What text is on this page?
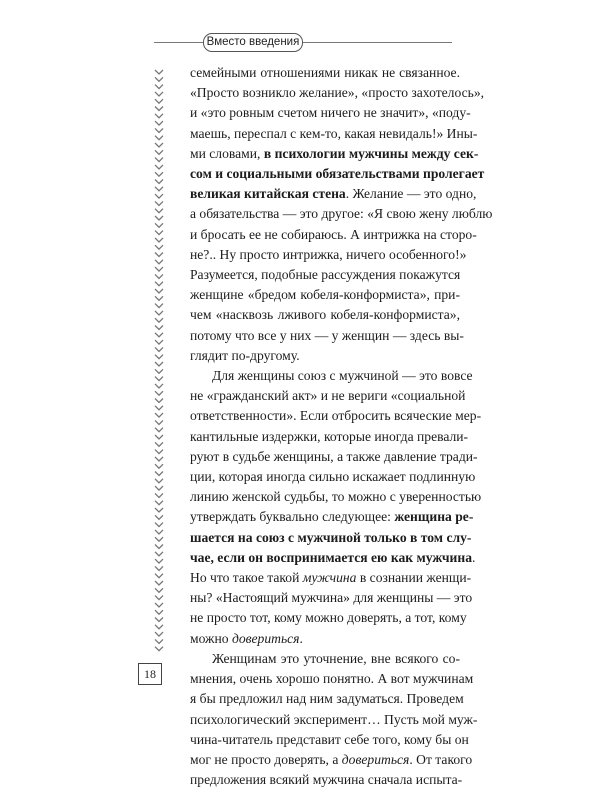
Вместо введения
18
семейными отношениями никак не связанное.
«Просто возникло желание», «просто захотелось»,
и «это ровным счетом ничего не значит», «поду-
маешь, переспал с кем-то, какая невидаль!» Ины-
ми словами, в психологии мужчины между сек-
сом и социальными обязательствами пролегает
великая китайская стена. Желание — это одно,
а обязательства — это другое: «Я свою жену люблю
и бросать ее не собираюсь. А интрижка на сторо-
не?.. Ну просто интрижка, ничего особенного!»
Разумеется, подобные рассуждения покажутся
женщине «бредом кобеля-конформиста», при-
чем «насквозь лживого кобеля-конформиста»,
потому что все у них — у женщин — здесь вы-
глядит по-другому.
Для женщины союз с мужчиной — это вовсе
не «гражданский акт» и не вериги «социальной
ответственности». Если отбросить всяческие мер-
кантильные издержки, которые иногда превали-
руют в судьбе женщины, а также давление тради-
ции, которая иногда сильно искажает подлинную
линию женской судьбы, то можно с уверенностью
утверждать буквально следующее: женщина ре-
шается на союз с мужчиной только в том слу-
чае, если он воспринимается ею как мужчина.
Но что такое такой мужчина в сознании женщи-
ны? «Настоящий мужчина» для женщины — это
не просто тот, кому можно доверять, а тот, кому
можно довериться.
Женщинам это уточнение, вне всякого со-
мнения, очень хорошо понятно. А вот мужчинам
я бы предложил над ним задуматься. Проведем
психологический эксперимент… Пусть мой муж-
чина-читатель представит себе того, кому бы он
мог не просто доверять, а довериться. От такого
предложения всякий мужчина сначала испыта-
